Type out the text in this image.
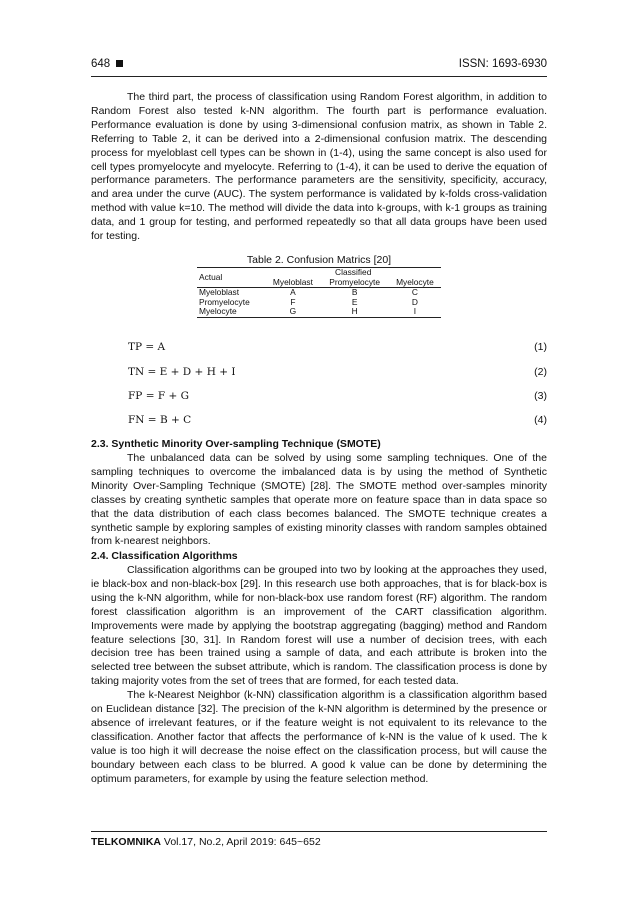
648	ISSN: 1693-6930

The third part, the process of classification using Random Forest algorithm, in addition to Random Forest also tested k-NN algorithm. The fourth part is performance evaluation. Performance evaluation is done by using 3-dimensional confusion matrix, as shown in Table 2. Referring to Table 2, it can be derived into a 2-dimensional confusion matrix. The descending process for myeloblast cell types can be shown in (1-4), using the same concept is also used for cell types promyelocyte and myelocyte. Referring to (1-4), it can be used to derive the equation of performance parameters. The performance parameters are the sensitivity, specificity, accuracy, and area under the curve (AUC). The system performance is validated by k-folds cross-validation method with value k=10. The method will divide the data into k-groups, with k-1 groups as training data, and 1 group for testing, and performed repeatedly so that all data groups have been used for testing.

Table 2. Confusion Matrics [20]
Actual	Classified		
	Myeloblast	Promyelocyte	Myelocyte
Myeloblast	A	B	C
Promyelocyte	F	E	D
Myelocyte	G	H	I
TP = A	(1)
TN = E + D + H + I	(2)
FP = F + G	(3)
FN = B + C	(4)
2.3. Synthetic Minority Over-sampling Technique (SMOTE)

The unbalanced data can be solved by using some sampling techniques. One of the sampling techniques to overcome the imbalanced data is by using the method of Synthetic Minority Over-Sampling Technique (SMOTE) [28]. The SMOTE method over-samples minority classes by creating synthetic samples that operate more on feature space than in data space so that the data distribution of each class becomes balanced. The SMOTE technique creates a synthetic sample by exploring samples of existing minority classes with random samples obtained from k-nearest neighbors.

2.4. Classification Algorithms

Classification algorithms can be grouped into two by looking at the approaches they used, ie black-box and non-black-box [29]. In this research use both approaches, that is for black-box is using the k-NN algorithm, while for non-black-box use random forest (RF) algorithm. The random forest classification algorithm is an improvement of the CART classification algorithm. Improvements were made by applying the bootstrap aggregating (bagging) method and Random feature selections [30, 31]. In Random forest will use a number of decision trees, with each decision tree has been trained using a sample of data, and each attribute is broken into the selected tree between the subset attribute, which is random. The classification process is done by taking majority votes from the set of trees that are formed, for each tested data.

The k-Nearest Neighbor (k-NN) classification algorithm is a classification algorithm based on Euclidean distance [32]. The precision of the k-NN algorithm is determined by the presence or absence of irrelevant features, or if the feature weight is not equivalent to its relevance to the classification. Another factor that affects the performance of k-NN is the value of k used. The k value is too high it will decrease the noise effect on the classification process, but will cause the boundary between each class to be blurred. A good k value can be done by determining the optimum parameters, for example by using the feature selection method.

TELKOMNIKA Vol.17, No.2, April 2019: 645~652
